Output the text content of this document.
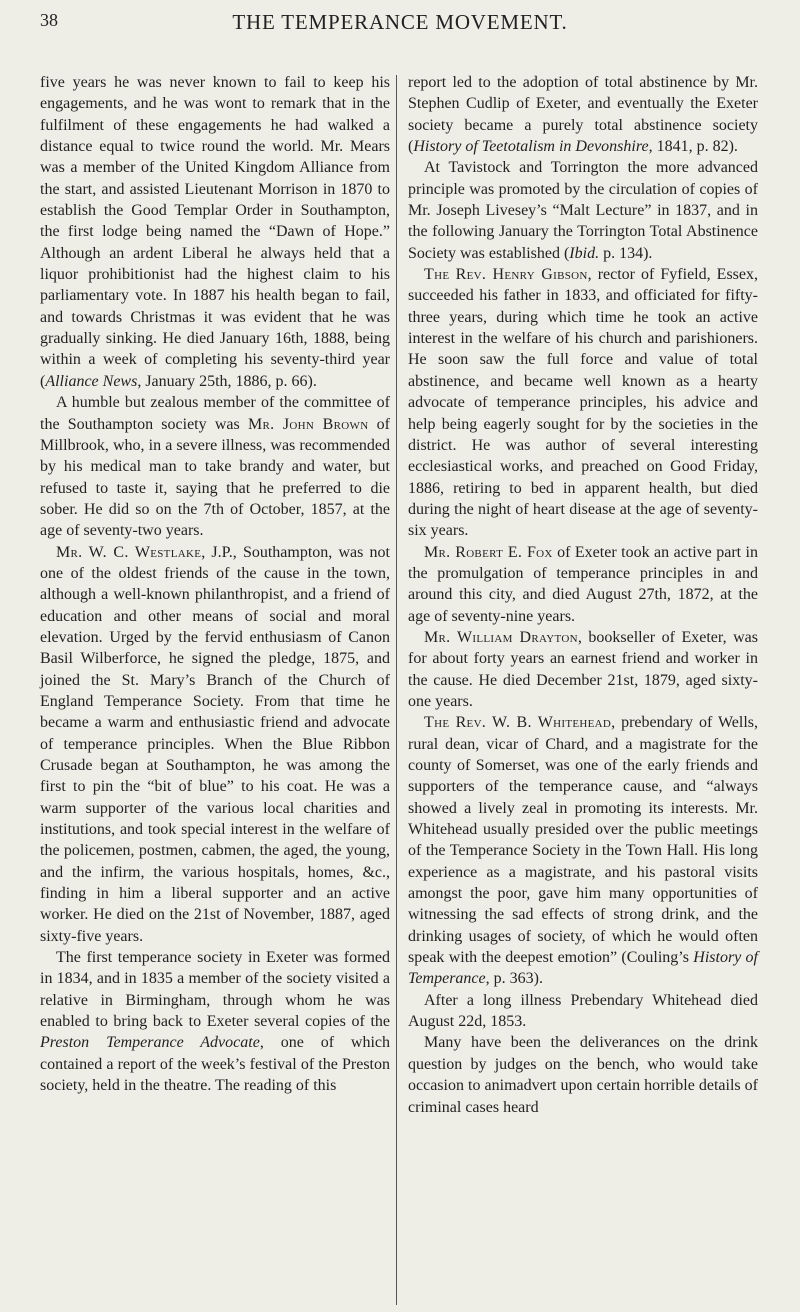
38	THE TEMPERANCE MOVEMENT.

five years he was never known to fail to keep his engagements, and he was wont to remark that in the fulfilment of these engagements he had walked a distance equal to twice round the world. Mr. Mears was a member of the United Kingdom Alliance from the start, and assisted Lieutenant Morrison in 1870 to establish the Good Templar Order in Southampton, the first lodge being named the “Dawn of Hope.” Although an ardent Liberal he always held that a liquor prohibitionist had the highest claim to his parliamentary vote. In 1887 his health began to fail, and towards Christmas it was evident that he was gradually sinking. He died January 16th, 1888, being within a week of completing his seventy-third year (Alliance News, January 25th, 1886, p. 66).

A humble but zealous member of the committee of the Southampton society was Mr. John Brown of Millbrook, who, in a severe illness, was recommended by his medical man to take brandy and water, but refused to taste it, saying that he preferred to die sober. He did so on the 7th of October, 1857, at the age of seventy-two years.

Mr. W. C. Westlake, J.P., Southampton, was not one of the oldest friends of the cause in the town, although a well-known philanthropist, and a friend of education and other means of social and moral elevation. Urged by the fervid enthusiasm of Canon Basil Wilberforce, he signed the pledge, 1875, and joined the St. Mary’s Branch of the Church of England Temperance Society. From that time he became a warm and enthusiastic friend and advocate of temperance principles. When the Blue Ribbon Crusade began at Southampton, he was among the first to pin the “bit of blue” to his coat. He was a warm supporter of the various local charities and institutions, and took special interest in the welfare of the policemen, postmen, cabmen, the aged, the young, and the infirm, the various hospitals, homes, &c., finding in him a liberal supporter and an active worker. He died on the 21st of November, 1887, aged sixty-five years.

The first temperance society in Exeter was formed in 1834, and in 1835 a member of the society visited a relative in Birmingham, through whom he was enabled to bring back to Exeter several copies of the Preston Temperance Advocate, one of which contained a report of the week’s festival of the Preston society, held in the theatre. The reading of this

report led to the adoption of total abstinence by Mr. Stephen Cudlip of Exeter, and eventually the Exeter society became a purely total abstinence society (History of Teetotalism in Devonshire, 1841, p. 82).

At Tavistock and Torrington the more advanced principle was promoted by the circulation of copies of Mr. Joseph Livesey’s “Malt Lecture” in 1837, and in the following January the Torrington Total Abstinence Society was established (Ibid. p. 134).

The Rev. Henry Gibson, rector of Fyfield, Essex, succeeded his father in 1833, and officiated for fifty-three years, during which time he took an active interest in the welfare of his church and parishioners. He soon saw the full force and value of total abstinence, and became well known as a hearty advocate of temperance principles, his advice and help being eagerly sought for by the societies in the district. He was author of several interesting ecclesiastical works, and preached on Good Friday, 1886, retiring to bed in apparent health, but died during the night of heart disease at the age of seventy-six years.

Mr. Robert E. Fox of Exeter took an active part in the promulgation of temperance principles in and around this city, and died August 27th, 1872, at the age of seventy-nine years.

Mr. William Drayton, bookseller of Exeter, was for about forty years an earnest friend and worker in the cause. He died December 21st, 1879, aged sixty-one years.

The Rev. W. B. Whitehead, prebendary of Wells, rural dean, vicar of Chard, and a magistrate for the county of Somerset, was one of the early friends and supporters of the temperance cause, and “always showed a lively zeal in promoting its interests. Mr. Whitehead usually presided over the public meetings of the Temperance Society in the Town Hall. His long experience as a magistrate, and his pastoral visits amongst the poor, gave him many opportunities of witnessing the sad effects of strong drink, and the drinking usages of society, of which he would often speak with the deepest emotion” (Couling’s History of Temperance, p. 363).

After a long illness Prebendary Whitehead died August 22d, 1853.

Many have been the deliverances on the drink question by judges on the bench, who would take occasion to animadvert upon certain horrible details of criminal cases heard
